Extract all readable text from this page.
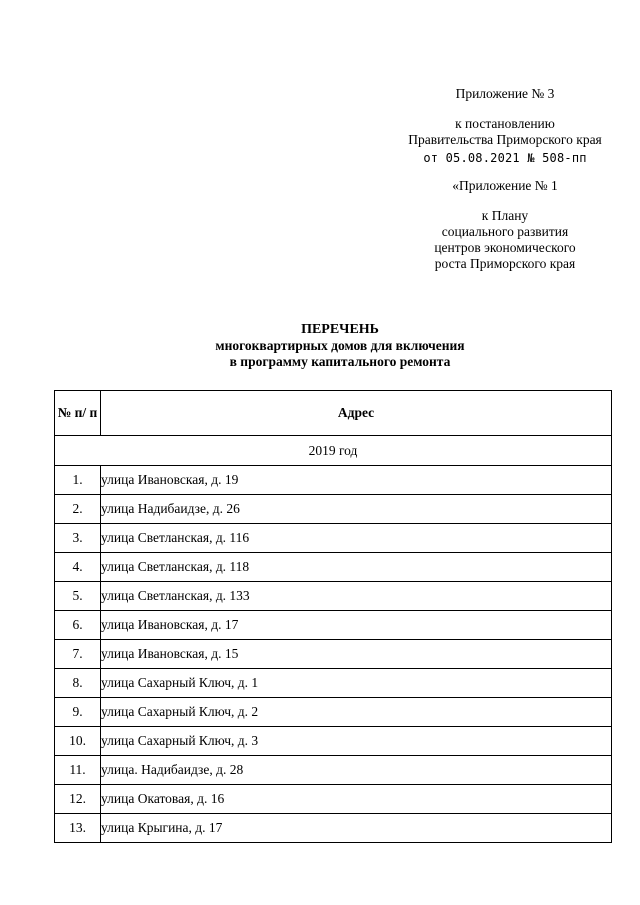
Приложение № 3
к постановлению
Правительства Приморского края
от 05.08.2021 № 508-пп
«Приложение № 1
к Плану
социального развития
центров экономического
роста Приморского края
ПЕРЕЧЕНЬ
многоквартирных домов для включения
в программу капитального ремонта
№ п/ п	Адрес
2019 год	
1.	улица Ивановская, д. 19
2.	улица Надибаидзе, д. 26
3.	улица Светланская, д. 116
4.	улица Светланская, д. 118
5.	улица Светланская, д. 133
6.	улица Ивановская, д. 17
7.	улица Ивановская, д. 15
8.	улица Сахарный Ключ, д. 1
9.	улица Сахарный Ключ, д. 2
10.	улица Сахарный Ключ, д. 3
11.	улица. Надибаидзе, д. 28
12.	улица Окатовая, д. 16
13.	улица Крыгина, д. 17
